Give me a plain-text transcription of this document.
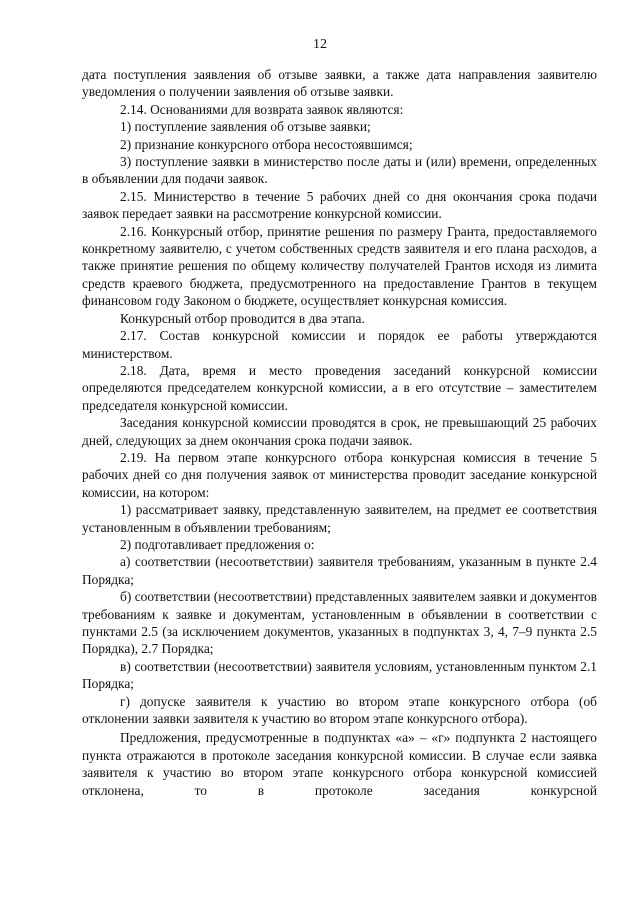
12

дата поступления заявления об отзыве заявки, а также дата направления заявителю уведомления о получении заявления об отзыве заявки.

2.14. Основаниями для возврата заявок являются:

1) поступление заявления об отзыве заявки;

2) признание конкурсного отбора несостоявшимся;

3) поступление заявки в министерство после даты и (или) времени, определенных в объявлении для подачи заявок.

2.15. Министерство в течение 5 рабочих дней со дня окончания срока подачи заявок передает заявки на рассмотрение конкурсной комиссии.

2.16. Конкурсный отбор, принятие решения по размеру Гранта, предоставляемого конкретному заявителю, с учетом собственных средств заявителя и его плана расходов, а также принятие решения по общему количеству получателей Грантов исходя из лимита средств краевого бюджета, предусмотренного на предоставление Грантов в текущем финансовом году Законом о бюджете, осуществляет конкурсная комиссия.

Конкурсный отбор проводится в два этапа.

2.17. Состав конкурсной комиссии и порядок ее работы утверждаются министерством.

2.18. Дата, время и место проведения заседаний конкурсной комиссии определяются председателем конкурсной комиссии, а в его отсутствие – заместителем председателя конкурсной комиссии.

Заседания конкурсной комиссии проводятся в срок, не превышающий 25 рабочих дней, следующих за днем окончания срока подачи заявок.

2.19. На первом этапе конкурсного отбора конкурсная комиссия в течение 5 рабочих дней со дня получения заявок от министерства проводит заседание конкурсной комиссии, на котором:

1) рассматривает заявку, представленную заявителем, на предмет ее соответствия установленным в объявлении требованиям;

2) подготавливает предложения о:

а) соответствии (несоответствии) заявителя требованиям, указанным в пункте 2.4 Порядка;

б) соответствии (несоответствии) представленных заявителем заявки и документов требованиям к заявке и документам, установленным в объявлении в соответствии с пунктами 2.5 (за исключением документов, указанных в подпунктах 3, 4, 7–9 пункта 2.5 Порядка), 2.7 Порядка;

в) соответствии (несоответствии) заявителя условиям, установленным пунктом 2.1 Порядка;

г) допуске заявителя к участию во втором этапе конкурсного отбора (об отклонении заявки заявителя к участию во втором этапе конкурсного отбора).

Предложения, предусмотренные в подпунктах «а» – «г» подпункта 2 настоящего пункта отражаются в протоколе заседания конкурсной комиссии. В случае если заявка заявителя к участию во втором этапе конкурсного отбора конкурсной комиссией отклонена, то в протоколе заседания конкурсной
